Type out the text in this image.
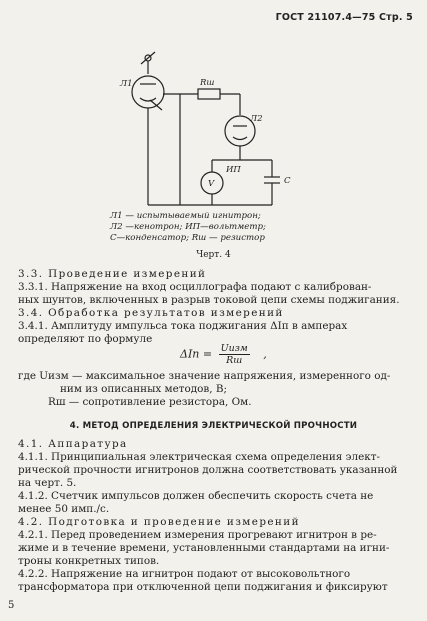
ГОСТ 21107.4—75 Стр. 5
Л1	Rш
Л2
ИП
V	C
Л1 — испытываемый игнитрон;
Л2 —кенотрон; ИП—вольтметр;
С—конденсатор; Rш — резистор
Черт. 4
3.3. Проведение измерений
3.3.1. Напряжение на вход осциллографа подают с калиброван-
ных шунтов, включенных в разрыв токовой цепи схемы поджигания.
3.4. Обработка результатов измерений
3.4.1. Амплитуду импульса тока поджигания ΔIп в амперах
определяют по формуле
$\Delta Iп = \frac{\text{Uизм}}{Rш}$ ,
где Uизм — максимальное значение напряжения, измеренного од-
ним из описанных методов, В;
Rш — сопротивление резистора, Ом.
4. МЕТОД ОПРЕДЕЛЕНИЯ ЭЛЕКТРИЧЕСКОЙ ПРОЧНОСТИ
4.1. Аппаратура
4.1.1. Принципиальная электрическая схема определения элект-
рической прочности игнитронов должна соответствовать указанной
на черт. 5.
4.1.2. Счетчик импульсов должен обеспечить скорость счета не
менее 50 имп./с.
4.2. Подготовка и проведение измерений
4.2.1. Перед проведением измерения прогревают игнитрон в ре-
жиме и в течение времени, установленными стандартами на игни-
троны конкретных типов.
4.2.2. Напряжение на игнитрон подают от высоковольтного
трансформатора при отключенной цепи поджигания и фиксируют
5
